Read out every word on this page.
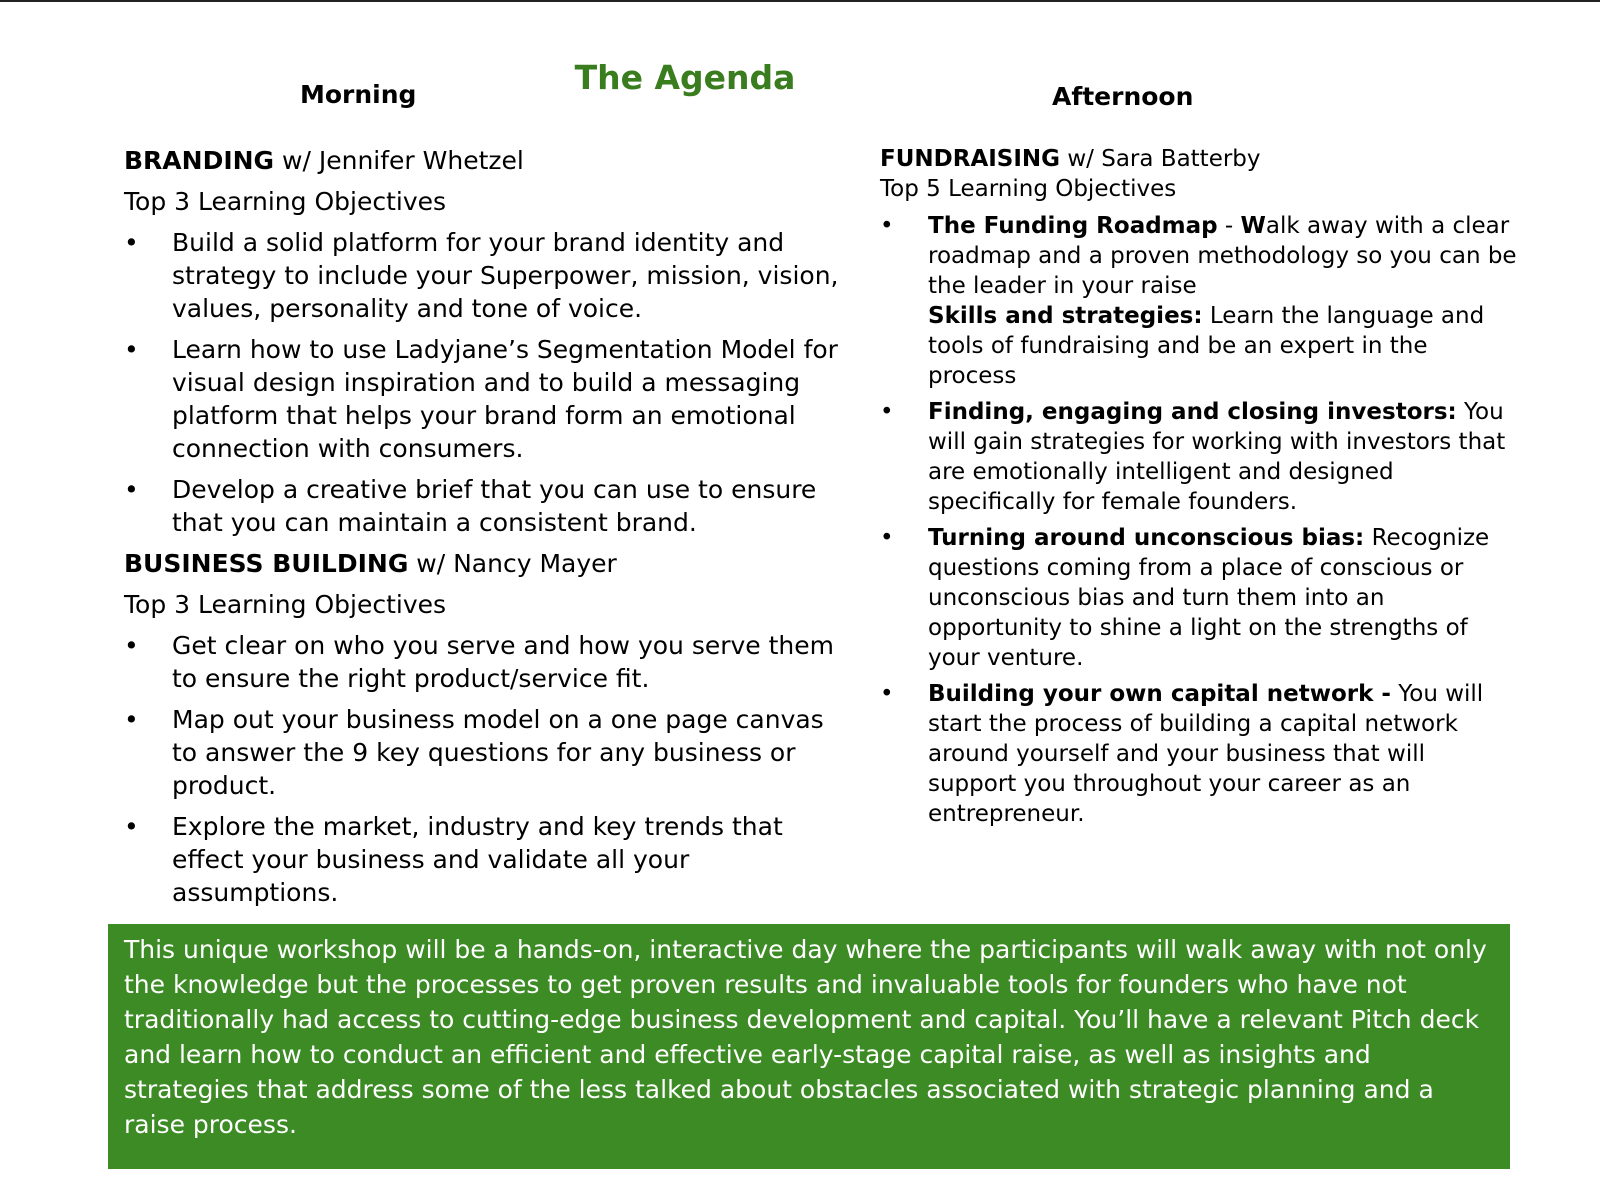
The Agenda
Morning	Afternoon

BRANDING w/ Jennifer Whetzel

Top 3 Learning Objectives

• Build a solid platform for your brand identity and strategy to include your Superpower, mission, vision, values, personality and tone of voice.
• Learn how to use Ladyjane’s Segmentation Model for visual design inspiration and to build a messaging platform that helps your brand form an emotional connection with consumers.
• Develop a creative brief that you can use to ensure that you can maintain a consistent brand.

BUSINESS BUILDING w/ Nancy Mayer

Top 3 Learning Objectives

• Get clear on who you serve and how you serve them to ensure the right product/service fit.
• Map out your business model on a one page canvas to answer the 9 key questions for any business or product.
• Explore the market, industry and key trends that effect your business and validate all your assumptions.

FUNDRAISING w/ Sara Batterby

Top 5 Learning Objectives

• The Funding Roadmap - Walk away with a clear roadmap and a proven methodology so you can be the leader in your raise
Skills and strategies: Learn the language and tools of fundraising and be an expert in the process
• Finding, engaging and closing investors: You will gain strategies for working with investors that are emotionally intelligent and designed specifically for female founders.
• Turning around unconscious bias: Recognize questions coming from a place of conscious or unconscious bias and turn them into an opportunity to shine a light on the strengths of your venture.
• Building your own capital network - You will start the process of building a capital network around yourself and your business that will support you throughout your career as an entrepreneur.
This unique workshop will be a hands-on, interactive day where the participants will walk away with not only the knowledge but the processes to get proven results and invaluable tools for founders who have not traditionally had access to cutting-edge business development and capital. You’ll have a relevant Pitch deck and learn how to conduct an efficient and effective early-stage capital raise, as well as insights and strategies that address some of the less talked about obstacles associated with strategic planning and a raise process.
